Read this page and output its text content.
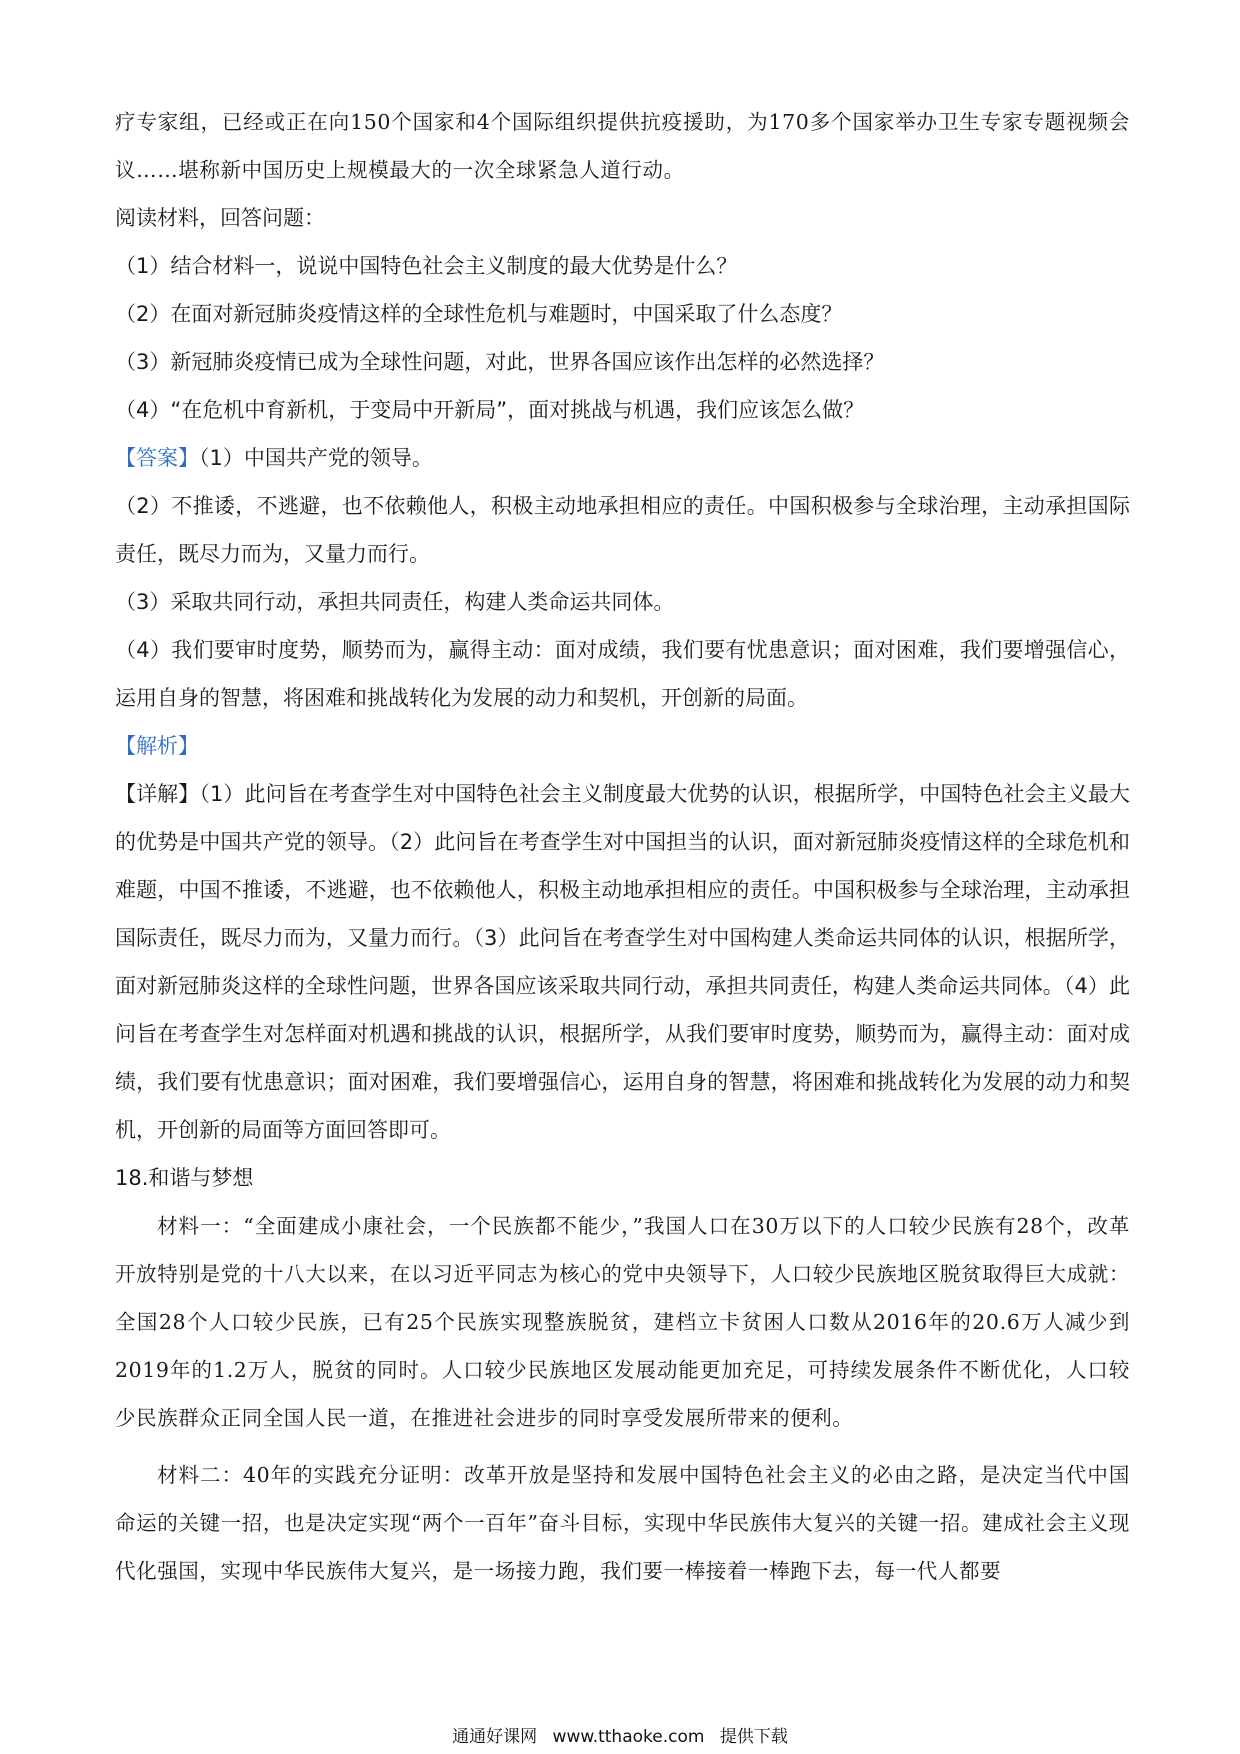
疗专家组，已经或正在向150个国家和4个国际组织提供抗疫援助，为170多个国家举办卫生专家专题视频会议……堪称新中国历史上规模最大的一次全球紧急人道行动。

阅读材料，回答问题：

（1）结合材料一，说说中国特色社会主义制度的最大优势是什么？

（2）在面对新冠肺炎疫情这样的全球性危机与难题时，中国采取了什么态度？

（3）新冠肺炎疫情已成为全球性问题，对此，世界各国应该作出怎样的必然选择？

（4）“在危机中育新机，于变局中开新局”，面对挑战与机遇，我们应该怎么做？

【答案】（1）中国共产党的领导。

（2）不推诿，不逃避，也不依赖他人，积极主动地承担相应的责任。中国积极参与全球治理，主动承担国际责任，既尽力而为，又量力而行。

（3）采取共同行动，承担共同责任，构建人类命运共同体。

（4）我们要审时度势，顺势而为，赢得主动：面对成绩，我们要有忧患意识；面对困难，我们要增强信心，运用自身的智慧，将困难和挑战转化为发展的动力和契机，开创新的局面。

【解析】

【详解】（1）此问旨在考查学生对中国特色社会主义制度最大优势的认识，根据所学，中国特色社会主义最大的优势是中国共产党的领导。（2）此问旨在考查学生对中国担当的认识，面对新冠肺炎疫情这样的全球危机和难题，中国不推诿，不逃避，也不依赖他人，积极主动地承担相应的责任。中国积极参与全球治理，主动承担国际责任，既尽力而为，又量力而行。（3）此问旨在考查学生对中国构建人类命运共同体的认识，根据所学，面对新冠肺炎这样的全球性问题，世界各国应该采取共同行动，承担共同责任，构建人类命运共同体。（4）此问旨在考查学生对怎样面对机遇和挑战的认识，根据所学，从我们要审时度势，顺势而为，赢得主动：面对成绩，我们要有忧患意识；面对困难，我们要增强信心，运用自身的智慧，将困难和挑战转化为发展的动力和契机，开创新的局面等方面回答即可。

18.和谐与梦想

材料一：“全面建成小康社会，一个民族都不能少，”我国人口在30万以下的人口较少民族有28个，改革开放特别是党的十八大以来，在以习近平同志为核心的党中央领导下，人口较少民族地区脱贫取得巨大成就：全国28个人口较少民族，已有25个民族实现整族脱贫，建档立卡贫困人口数从2016年的20.6万人减少到2019年的1.2万人，脱贫的同时。人口较少民族地区发展动能更加充足，可持续发展条件不断优化，人口较少民族群众正同全国人民一道，在推进社会进步的同时享受发展所带来的便利。

材料二：40年的实践充分证明：改革开放是坚持和发展中国特色社会主义的必由之路，是决定当代中国命运的关键一招，也是决定实现“两个一百年”奋斗目标，实现中华民族伟大复兴的关键一招。建成社会主义现代化强国，实现中华民族伟大复兴，是一场接力跑，我们要一棒接着一棒跑下去，每一代人都要

通通好课网 www.tthaoke.com 提供下载
